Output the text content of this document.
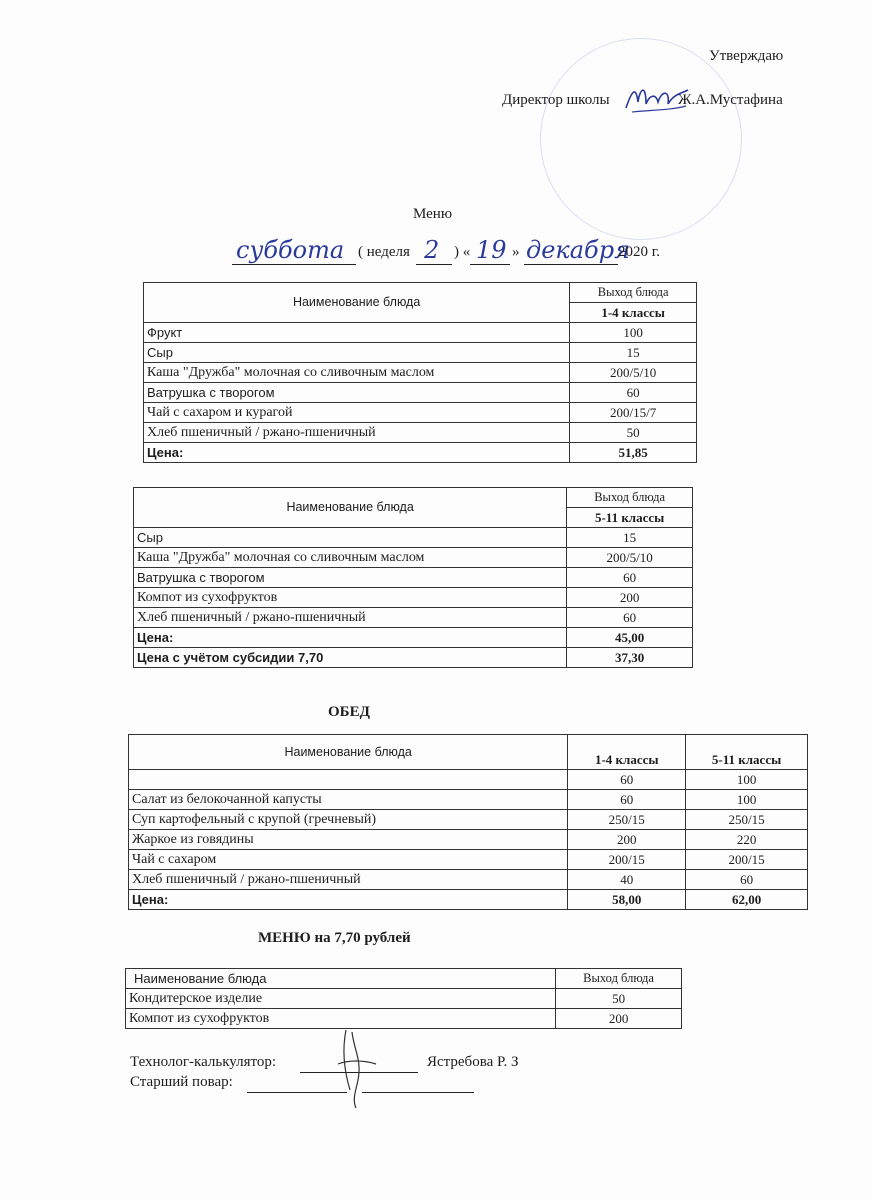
Утверждаю
Директор школы	Ж.А.Мустафина
Меню
суббота ( неделя 2 ) « 19 » декабря
2020 г.
Наименование блюда	Выход блюда
	1-4 классы
Фрукт	100
Сыр	15
Каша "Дружба" молочная со сливочным маслом	200/5/10
Ватрушка с творогом	60
Чай с сахаром и курагой	200/15/7
Хлеб пшеничный / ржано-пшеничный	50
Цена:	51,85
Наименование блюда	Выход блюда
	5-11 классы
Сыр	15
Каша "Дружба" молочная со сливочным маслом	200/5/10
Ватрушка с творогом	60
Компот из сухофруктов	200
Хлеб пшеничный / ржано-пшеничный	60
Цена:	45,00
Цена с учётом субсидии 7,70	37,30
ОБЕД
Наименование блюда	1-4 классы	5-11 классы
	60	100
Салат из белокочанной капусты	60	100
Суп картофельный с крупой (гречневый)	250/15	250/15
Жаркое из говядины	200	220
Чай с сахаром	200/15	200/15
Хлеб пшеничный / ржано-пшеничный	40	60
Цена:	58,00	62,00
МЕНЮ на 7,70 рублей
Наименование блюда	Выход блюда
Кондитерское изделие	50
Компот из сухофруктов	200
Технолог-калькулятор:	Ястребова Р. З
Старший повар:
